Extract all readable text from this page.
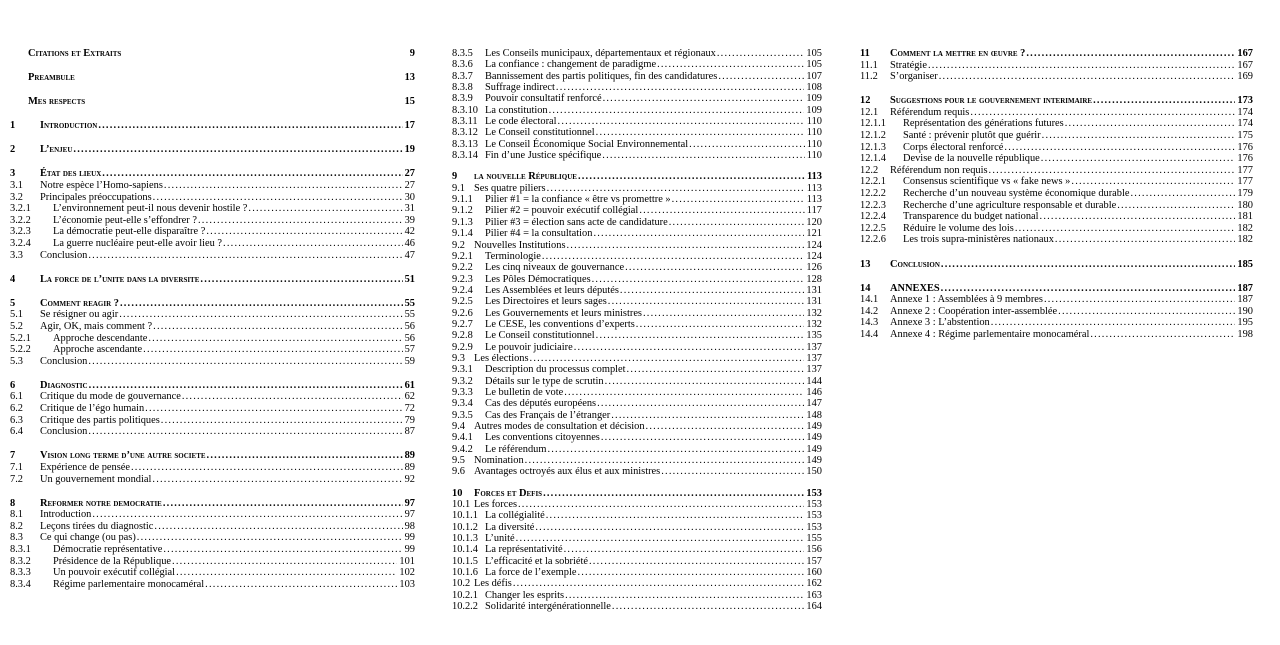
Citations et Extraits	9
Preambule	13
Mes respects	15
1	Introduction .....	17
2	L’enjeu .....	19
3	État des lieux .....	27
3.1	Notre espèce l’Homo-sapiens .....	27
3.2	Principales préoccupations .....	30
3.2.1	L’environnement peut-il nous devenir hostile ? .....	31
3.2.2	L’économie peut-elle s’effondrer ? .....	39
3.2.3	La démocratie peut-elle disparaître ? .....	42
3.2.4	La guerre nucléaire peut-elle avoir lieu ? .....	46
3.3	Conclusion .....	47
4	La force de l’unite dans la diversite .....	51
5	Comment reagir ? .....	55
5.1	Se résigner ou agir .....	55
5.2	Agir, OK, mais comment ? .....	56
5.2.1	Approche descendante .....	56
5.2.2	Approche ascendante .....	57
5.3	Conclusion .....	59
6	Diagnostic .....	61
6.1	Critique du mode de gouvernance .....	62
6.2	Critique de l’égo humain .....	72
6.3	Critique des partis politiques .....	79
6.4	Conclusion .....	87
7	Vision long terme d’une autre societe .....	89
7.1	Expérience de pensée .....	89
7.2	Un gouvernement mondial .....	92
8	Reformer notre democratie .....	97
8.1	Introduction .....	97
8.2	Leçons tirées du diagnostic .....	98
8.3	Ce qui change (ou pas) .....	99
8.3.1	Démocratie représentative .....	99
8.3.2	Présidence de la République .....	101
8.3.3	Un pouvoir exécutif collégial .....	102
8.3.4	Régime parlementaire monocaméral .....	103
8.3.5	Les Conseils municipaux, départementaux et régionaux .....	105
8.3.6	La confiance : changement de paradigme .....	105
8.3.7	Bannissement des partis politiques, fin des candidatures .....	107
8.3.8	Suffrage indirect .....	108
8.3.9	Pouvoir consultatif renforcé .....	109
8.3.10 La constitution .....	109
8.3.11 Le code électoral .....	110
8.3.12 Le Conseil constitutionnel .....	110
8.3.13 Le Conseil Économique Social Environnemental .....	110
8.3.14 Fin d’une Justice spécifique .....	110
9	la nouvelle République .....	113
9.1 Ses quatre piliers .....	113
9.1.1	Pilier #1 = la confiance « être vs promettre » .....	113
9.1.2	Pilier #2 = pouvoir exécutif collégial .....	117
9.1.3	Pilier #3 = élection sans acte de candidature .....	120
9.1.4	Pilier #4 = la consultation .....	121
9.2 Nouvelles Institutions .....	124
9.2.1	Terminologie .....	124
9.2.2	Les cinq niveaux de gouvernance .....	126
9.2.3	Les Pôles Démocratiques .....	128
9.2.4	Les Assemblées et leurs députés .....	131
9.2.5	Les Directoires et leurs sages .....	131
9.2.6	Les Gouvernements et leurs ministres .....	132
9.2.7	Le CESE, les conventions d’experts .....	132
9.2.8	Le Conseil constitutionnel .....	135
9.2.9	Le pouvoir judiciaire .....	137
9.3 Les élections .....	137
9.3.1	Description du processus complet .....	137
9.3.2	Détails sur le type de scrutin .....	144
9.3.3	Le bulletin de vote .....	146
9.3.4	Cas des députés européens .....	147
9.3.5	Cas des Français de l’étranger .....	148
9.4 Autres modes de consultation et décision .....	149
9.4.1	Les conventions citoyennes .....	149
9.4.2	Le référendum .....	149
9.5 Nomination .....	149
9.6 Avantages octroyés aux élus et aux ministres .....	150
10	Forces et Defis .....	153
10.1 Les forces .....	153
10.1.1 La collégialité .....	153
10.1.2 La diversité .....	153
10.1.3 L’unité .....	155
10.1.4 La représentativité .....	156
10.1.5 L’efficacité et la sobriété .....	157
10.1.6 La force de l’exemple .....	160
10.2 Les défis .....	162
10.2.1 Changer les esprits .....	163
10.2.2 Solidarité intergénérationnelle .....	164
11	Comment la mettre en œuvre ? .....	167
11.1	Stratégie .....	167
11.2	S’organiser .....	169
12	Suggestions pour le gouvernement interimaire .....	173
12.1	Référendum requis .....	174
12.1.1	Représentation des générations futures .....	174
12.1.2	Santé : prévenir plutôt que guérir .....	175
12.1.3	Corps électoral renforcé .....	176
12.1.4	Devise de la nouvelle république .....	176
12.2	Référendum non requis .....	177
12.2.1	Consensus scientifique vs « fake news » .....	177
12.2.2	Recherche d’un nouveau système économique durable .....	179
12.2.3	Recherche d’une agriculture responsable et durable .....	180
12.2.4	Transparence du budget national .....	181
12.2.5	Réduire le volume des lois .....	182
12.2.6	Les trois supra-ministères nationaux .....	182
13	Conclusion .....	185
14	ANNEXES .....	187
14.1	Annexe 1 : Assemblées à 9 membres .....	187
14.2	Annexe 2 : Coopération inter-assemblée .....	190
14.3	Annexe 3 : L’abstention .....	195
14.4	Annexe 4 : Régime parlementaire monocaméral .....	198
